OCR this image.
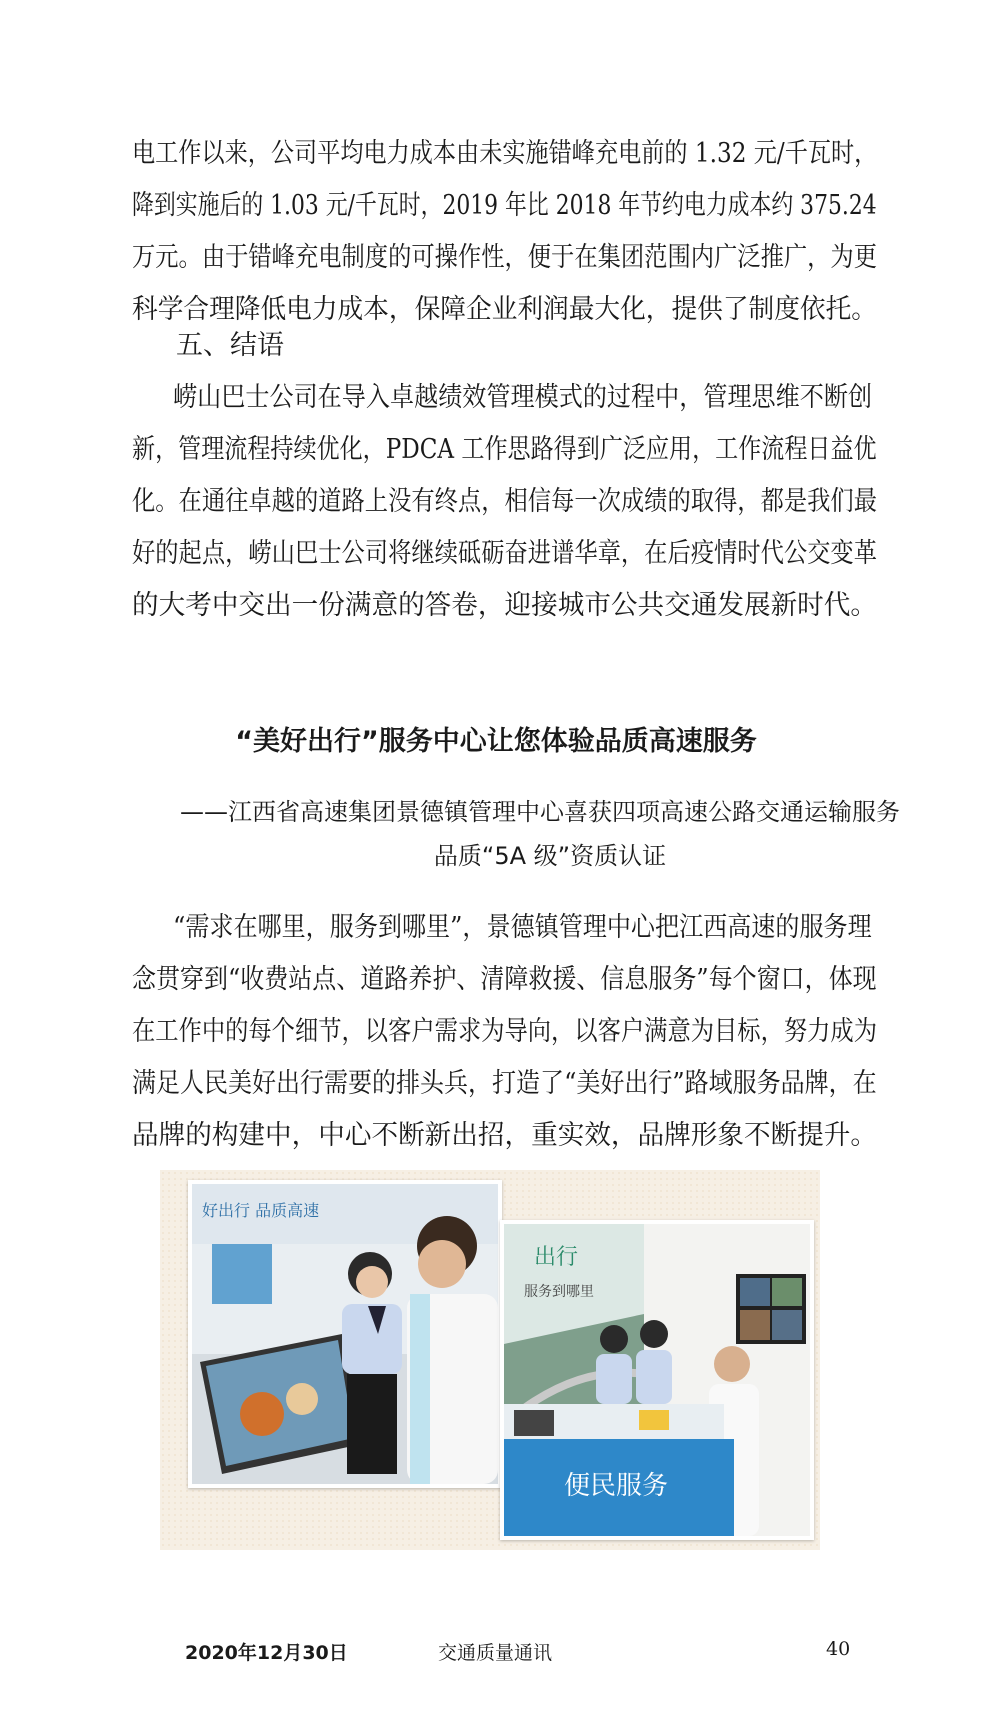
电工作以来，公司平均电力成本由未实施错峰充电前的 1.32 元/千瓦时，
降到实施后的 1.03 元/千瓦时，2019 年比 2018 年节约电力成本约 375.24
万元。由于错峰充电制度的可操作性，便于在集团范围内广泛推广，为更
科学合理降低电力成本，保障企业利润最大化，提供了制度依托。

五、结语

崂山巴士公司在导入卓越绩效管理模式的过程中，管理思维不断创
新，管理流程持续优化，PDCA 工作思路得到广泛应用，工作流程日益优
化。在通往卓越的道路上没有终点，相信每一次成绩的取得，都是我们最
好的起点，崂山巴士公司将继续砥砺奋进谱华章，在后疫情时代公交变革
的大考中交出一份满意的答卷，迎接城市公共交通发展新时代。
“美好出行”服务中心让您体验品质高速服务
——江西省高速集团景德镇管理中心喜获四项高速公路交通运输服务
品质“5A 级”资质认证
“需求在哪里，服务到哪里”，景德镇管理中心把江西高速的服务理
念贯穿到“收费站点、道路养护、清障救援、信息服务”每个窗口，体现
在工作中的每个细节，以客户需求为导向，以客户满意为目标，努力成为
满足人民美好出行需要的排头兵，打造了“美好出行”路域服务品牌，在
品牌的构建中，中心不断新出招，重实效，品牌形象不断提升。
好出行 品质高速
出行
服务到哪里
便民服务

2020年12月30日	交通质量通讯	40
